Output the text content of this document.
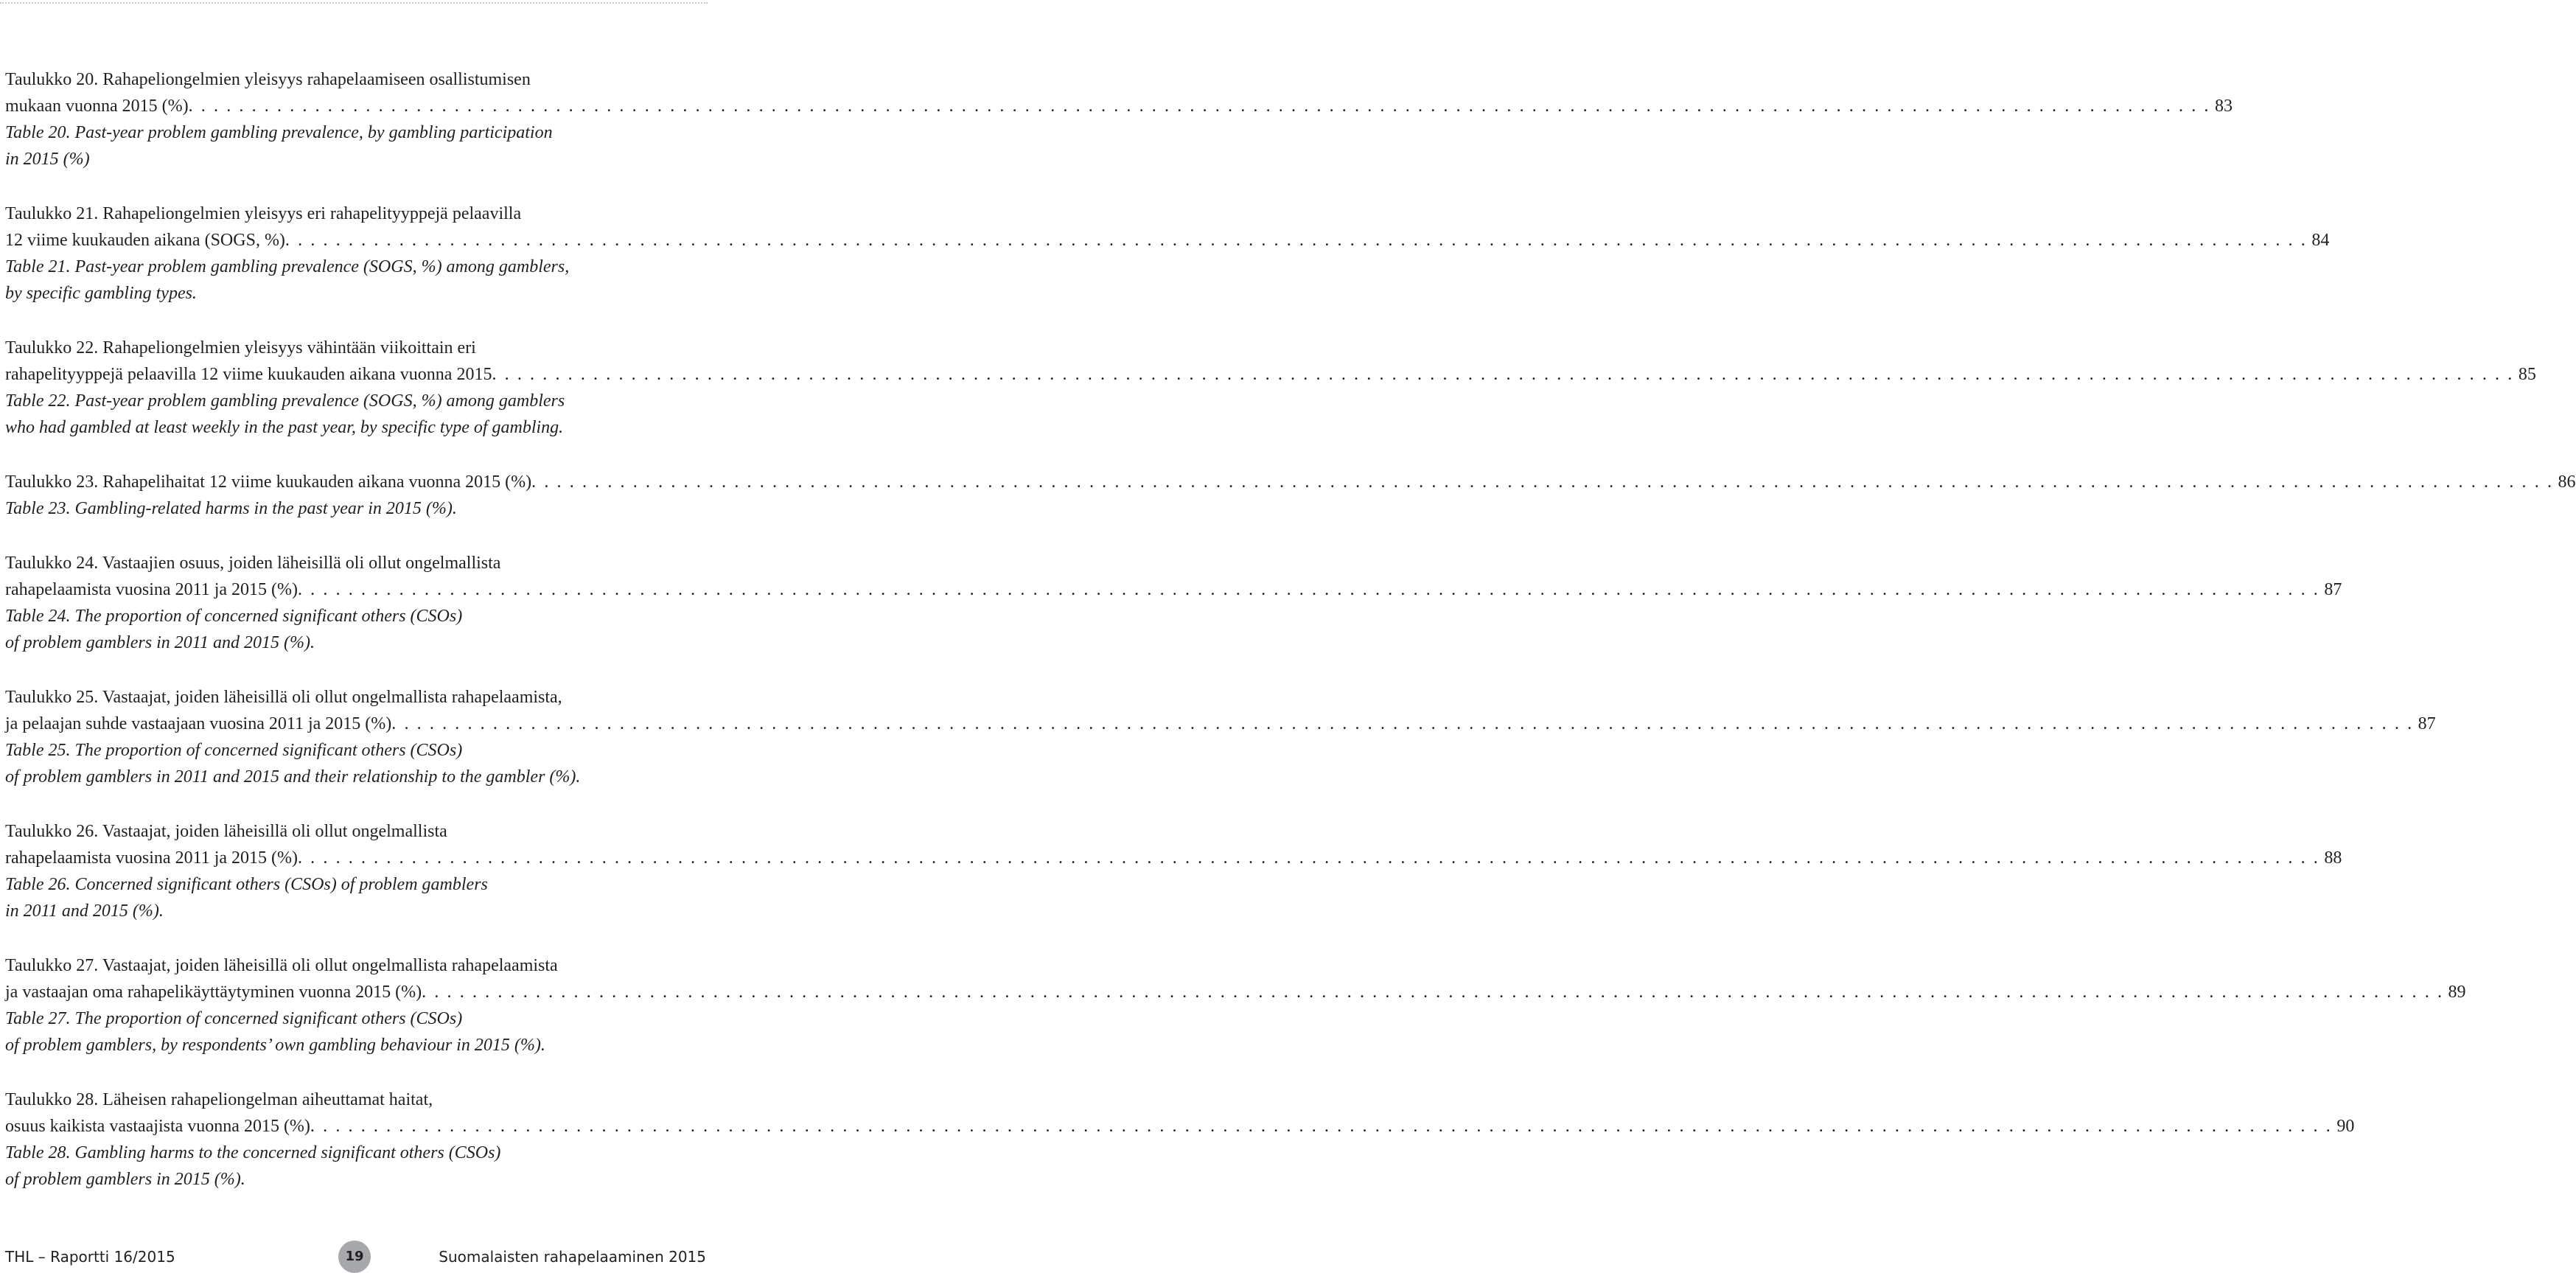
Taulukko 20. Rahapeliongelmien yleisyys rahapelaamiseen osallistumisen
mukaan vuonna 2015 (%) . . . . . . . . . . . . . . . . . . . . . . . . . . . . . . . . . . . . . . . . . . . . . . . . . . . . . . . . . . . . . . . . . . . . . . . . . . . . . . . . . . . . . . . . . . . . . . . . . . . . . . . . . . . . . . . . . . . . . . . . . . . . . . . . . . . . . . . . . . . . . . . . . . . . . . . . . . . . . . . . 83
Table 20. Past-year problem gambling prevalence, by gambling participation
in 2015 (%)
Taulukko 21. Rahapeliongelmien yleisyys eri rahapelityyppejä pelaavilla
12 viime kuukauden aikana (SOGS, %) . . . . . . . . . . . . . . . . . . . . . . . . . . . . . . . . . . . . . . . . . . . . . . . . . . . . . . . . . . . . . . . . . . . . . . . . . . . . . . . . . . . . . . . . . . . . . . . . . . . . . . . . . . . . . . . . . . . . . . . . . . . . . . . . . . . . . . . . . . . . . . . . . . . . . . . . . . . . . . . . 84
Table 21. Past-year problem gambling prevalence (SOGS, %) among gamblers,
by specific gambling types.
Taulukko 22. Rahapeliongelmien yleisyys vähintään viikoittain eri
rahapelityyppejä pelaavilla 12 viime kuukauden aikana vuonna 2015 . . . . . . . . . . . . . . . . . . . . . . . . . . . . . . . . . . . . . . . . . . . . . . . . . . . . . . . . . . . . . . . . . . . . . . . . . . . . . . . . . . . . . . . . . . . . . . . . . . . . . . . . . . . . . . . . . . . . . . . . . . . . . . . . . . . . . . . . . . . . . . . . . . . . . . . . . . . . . . . . 85
Table 22. Past-year problem gambling prevalence (SOGS, %) among gamblers
who had gambled at least weekly in the past year, by specific type of gambling.
Taulukko 23. Rahapelihaitat 12 viime kuukauden aikana vuonna 2015 (%) . . . . . . . . . . . . . . . . . . . . . . . . . . . . . . . . . . . . . . . . . . . . . . . . . . . . . . . . . . . . . . . . . . . . . . . . . . . . . . . . . . . . . . . . . . . . . . . . . . . . . . . . . . . . . . . . . . . . . . . . . . . . . . . . . . . . . . . . . . . . . . . . . . . . . . . . . . . . . . . . 86
Table 23. Gambling-related harms in the past year in 2015 (%).
Taulukko 24. Vastaajien osuus, joiden läheisillä oli ollut ongelmallista
rahapelaamista vuosina 2011 ja 2015 (%) . . . . . . . . . . . . . . . . . . . . . . . . . . . . . . . . . . . . . . . . . . . . . . . . . . . . . . . . . . . . . . . . . . . . . . . . . . . . . . . . . . . . . . . . . . . . . . . . . . . . . . . . . . . . . . . . . . . . . . . . . . . . . . . . . . . . . . . . . . . . . . . . . . . . . . . . . . . . . . . . 87
Table 24. The proportion of concerned significant others (CSOs)
of problem gamblers in 2011 and 2015 (%).
Taulukko 25. Vastaajat, joiden läheisillä oli ollut ongelmallista rahapelaamista,
ja pelaajan suhde vastaajaan vuosina 2011 ja 2015 (%) . . . . . . . . . . . . . . . . . . . . . . . . . . . . . . . . . . . . . . . . . . . . . . . . . . . . . . . . . . . . . . . . . . . . . . . . . . . . . . . . . . . . . . . . . . . . . . . . . . . . . . . . . . . . . . . . . . . . . . . . . . . . . . . . . . . . . . . . . . . . . . . . . . . . . . . . . . . . . . . . 87
Table 25. The proportion of concerned significant others (CSOs)
of problem gamblers in 2011 and 2015 and their relationship to the gambler (%).
Taulukko 26. Vastaajat, joiden läheisillä oli ollut ongelmallista
rahapelaamista vuosina 2011 ja 2015 (%) . . . . . . . . . . . . . . . . . . . . . . . . . . . . . . . . . . . . . . . . . . . . . . . . . . . . . . . . . . . . . . . . . . . . . . . . . . . . . . . . . . . . . . . . . . . . . . . . . . . . . . . . . . . . . . . . . . . . . . . . . . . . . . . . . . . . . . . . . . . . . . . . . . . . . . . . . . . . . . . . 88
Table 26. Concerned significant others (CSOs) of problem gamblers
in 2011 and 2015 (%).
Taulukko 27. Vastaajat, joiden läheisillä oli ollut ongelmallista rahapelaamista
ja vastaajan oma rahapelikäyttäytyminen vuonna 2015 (%) . . . . . . . . . . . . . . . . . . . . . . . . . . . . . . . . . . . . . . . . . . . . . . . . . . . . . . . . . . . . . . . . . . . . . . . . . . . . . . . . . . . . . . . . . . . . . . . . . . . . . . . . . . . . . . . . . . . . . . . . . . . . . . . . . . . . . . . . . . . . . . . . . . . . . . . . . . . . . . . . 89
Table 27. The proportion of concerned significant others (CSOs)
of problem gamblers, by respondents’ own gambling behaviour in 2015 (%).
Taulukko 28. Läheisen rahapeliongelman aiheuttamat haitat,
osuus kaikista vastaajista vuonna 2015 (%) . . . . . . . . . . . . . . . . . . . . . . . . . . . . . . . . . . . . . . . . . . . . . . . . . . . . . . . . . . . . . . . . . . . . . . . . . . . . . . . . . . . . . . . . . . . . . . . . . . . . . . . . . . . . . . . . . . . . . . . . . . . . . . . . . . . . . . . . . . . . . . . . . . . . . . . . . . . . . . . . 90
Table 28. Gambling harms to the concerned significant others (CSOs)
of problem gamblers in 2015 (%).
THL – Raportti 16/2015	19	Suomalaisten rahapelaaminen 2015
